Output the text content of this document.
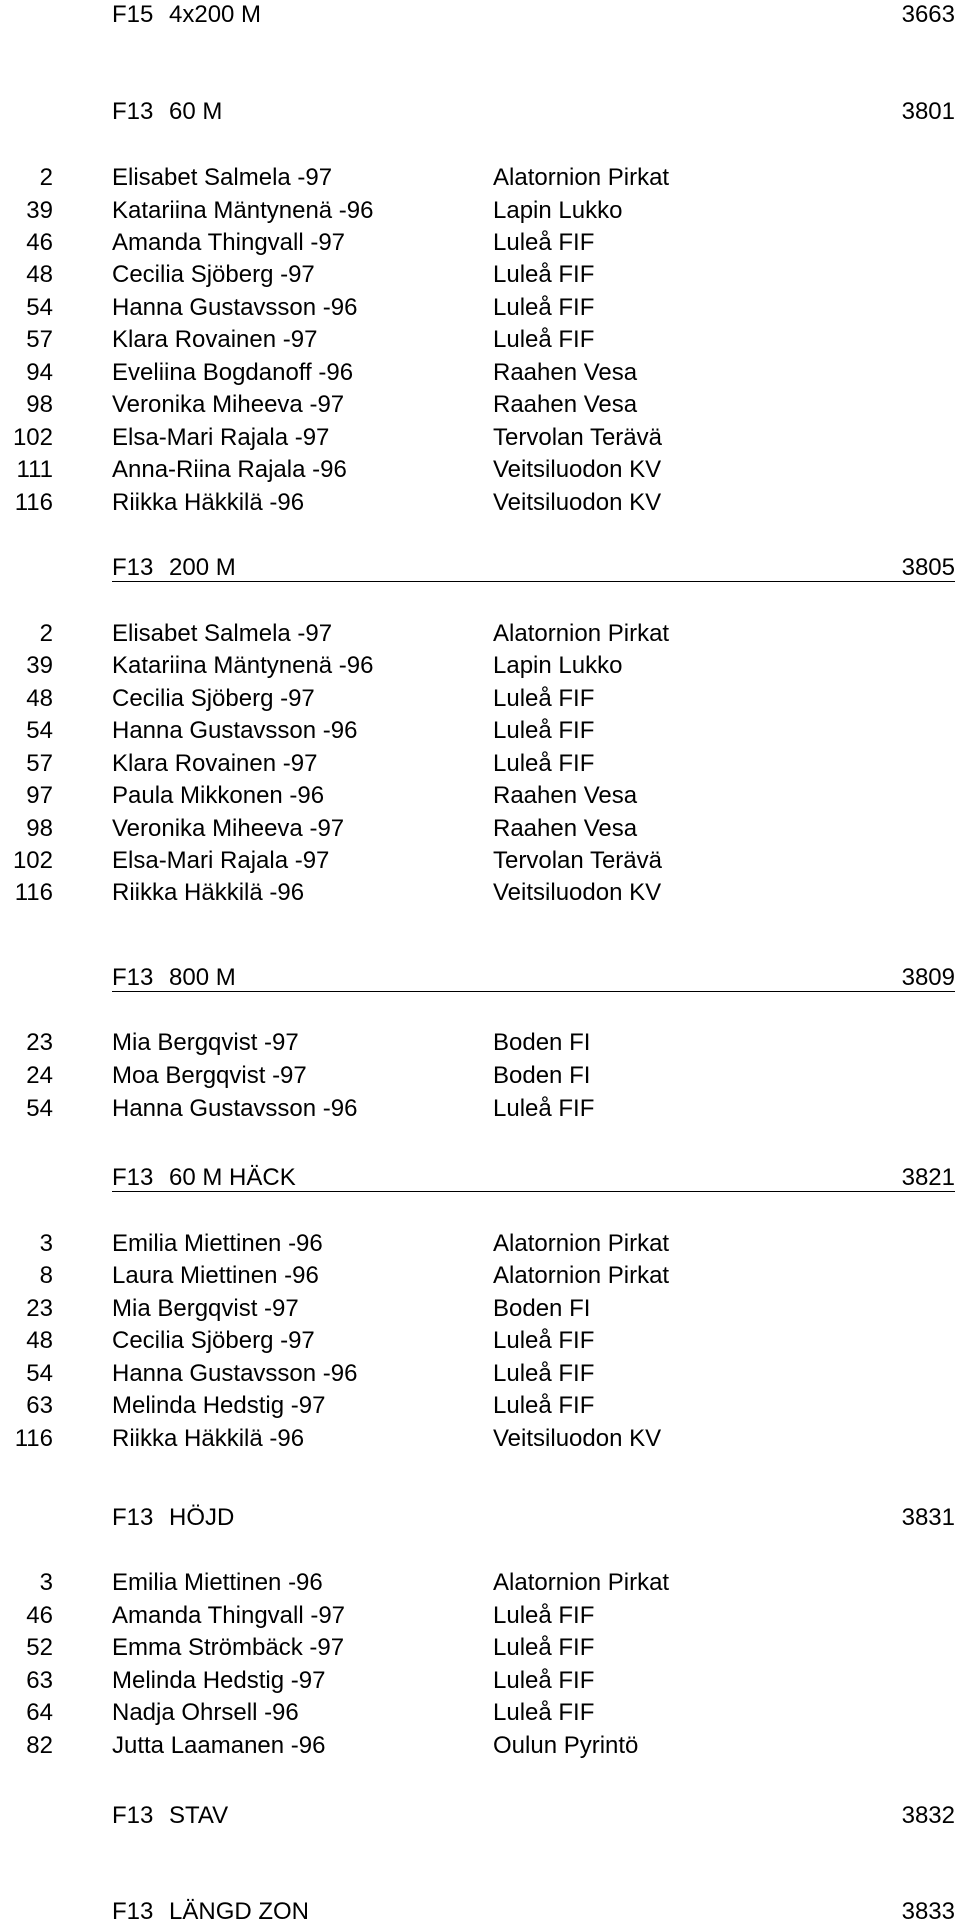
F15 4x200 M	3663
F13 60 M	3801
2 Elisabet Salmela -97	Alatornion Pirkat
39 Katariina Mäntynenä -96	Lapin Lukko
46 Amanda Thingvall -97	Luleå FIF
48 Cecilia Sjöberg -97	Luleå FIF
54 Hanna Gustavsson -96	Luleå FIF
57 Klara Rovainen -97	Luleå FIF
94 Eveliina Bogdanoff -96	Raahen Vesa
98 Veronika Miheeva -97	Raahen Vesa
102 Elsa-Mari Rajala -97	Tervolan Terävä
111 Anna-Riina Rajala -96	Veitsiluodon KV
116 Riikka Häkkilä -96	Veitsiluodon KV
F13 200 M	3805
2 Elisabet Salmela -97	Alatornion Pirkat
39 Katariina Mäntynenä -96	Lapin Lukko
48 Cecilia Sjöberg -97	Luleå FIF
54 Hanna Gustavsson -96	Luleå FIF
57 Klara Rovainen -97	Luleå FIF
97 Paula Mikkonen -96	Raahen Vesa
98 Veronika Miheeva -97	Raahen Vesa
102 Elsa-Mari Rajala -97	Tervolan Terävä
116 Riikka Häkkilä -96	Veitsiluodon KV
F13 800 M	3809
23 Mia Bergqvist -97	Boden FI
24 Moa Bergqvist -97	Boden FI
54 Hanna Gustavsson -96	Luleå FIF
F13 60 M HÄCK	3821
3 Emilia Miettinen -96	Alatornion Pirkat
8 Laura Miettinen -96	Alatornion Pirkat
23 Mia Bergqvist -97	Boden FI
48 Cecilia Sjöberg -97	Luleå FIF
54 Hanna Gustavsson -96	Luleå FIF
63 Melinda Hedstig -97	Luleå FIF
116 Riikka Häkkilä -96	Veitsiluodon KV
F13 HÖJD	3831
3 Emilia Miettinen -96	Alatornion Pirkat
46 Amanda Thingvall -97	Luleå FIF
52 Emma Strömbäck -97	Luleå FIF
63 Melinda Hedstig -97	Luleå FIF
64 Nadja Ohrsell -96	Luleå FIF
82 Jutta Laamanen -96	Oulun Pyrintö
F13 STAV	3832
F13 LÄNGD ZON	3833
